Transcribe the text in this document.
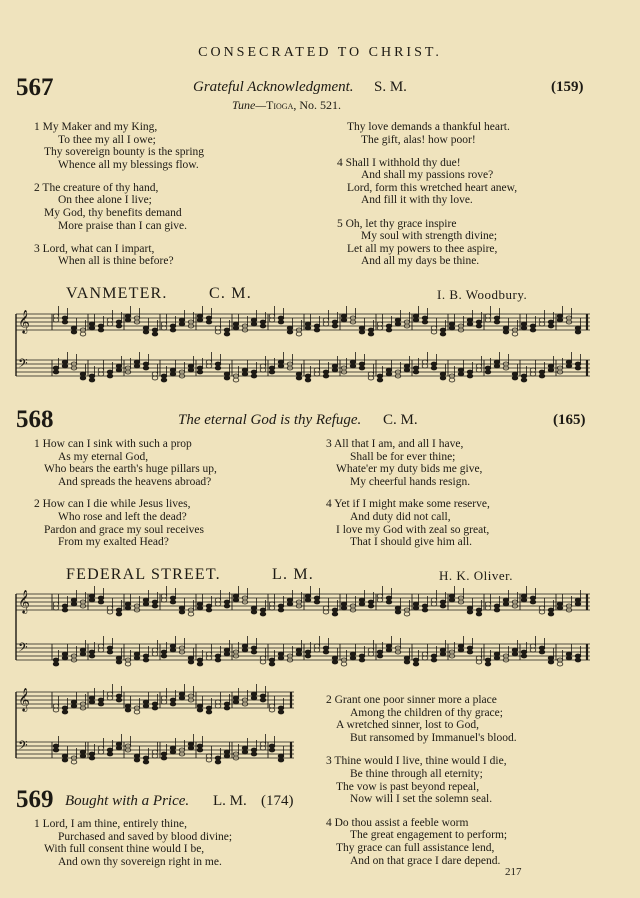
CONSECRATED TO CHRIST.
567	Grateful Acknowledgment. S. M.	(159)
Tune—Tioga, No. 521.
1 My Maker and my King,
To thee my all I owe;
Thy sovereign bounty is the spring
Whence all my blessings flow.
2 The creature of thy hand,
On thee alone I live;
My God, thy benefits demand
More praise than I can give.
3 Lord, what can I impart,
When all is thine before?
Thy love demands a thankful heart.
The gift, alas! how poor!
4 Shall I withhold thy due!
And shall my passions rove?
Lord, form this wretched heart anew,
And fill it with thy love.
5 Oh, let thy grace inspire
My soul with strength divine;
Let all my powers to thee aspire,
And all my days be thine.
VANMETER.	C. M.	I. B. Woodbury.
𝄞
𝄢
568	The eternal God is thy Refuge. C. M.	(165)
1 How can I sink with such a prop
As my eternal God,
Who bears the earth's huge pillars up,
And spreads the heavens abroad?
2 How can I die while Jesus lives,
Who rose and left the dead?
Pardon and grace my soul receives
From my exalted Head?
3 All that I am, and all I have,
Shall be for ever thine;
Whate'er my duty bids me give,
My cheerful hands resign.
4 Yet if I might make some reserve,
And duty did not call,
I love my God with zeal so great,
That I should give him all.
FEDERAL STREET.	L. M.	H. K. Oliver.
𝄞
𝄢
𝄞
𝄢
569 Bought with a Price. L. M. (174)
1 Lord, I am thine, entirely thine,
Purchased and saved by blood divine;
With full consent thine would I be,
And own thy sovereign right in me.
2 Grant one poor sinner more a place
Among the children of thy grace;
A wretched sinner, lost to God,
But ransomed by Immanuel's blood.
3 Thine would I live, thine would I die,
Be thine through all eternity;
The vow is past beyond repeal,
Now will I set the solemn seal.
4 Do thou assist a feeble worm
The great engagement to perform;
Thy grace can full assistance lend,
And on that grace I dare depend.
217
